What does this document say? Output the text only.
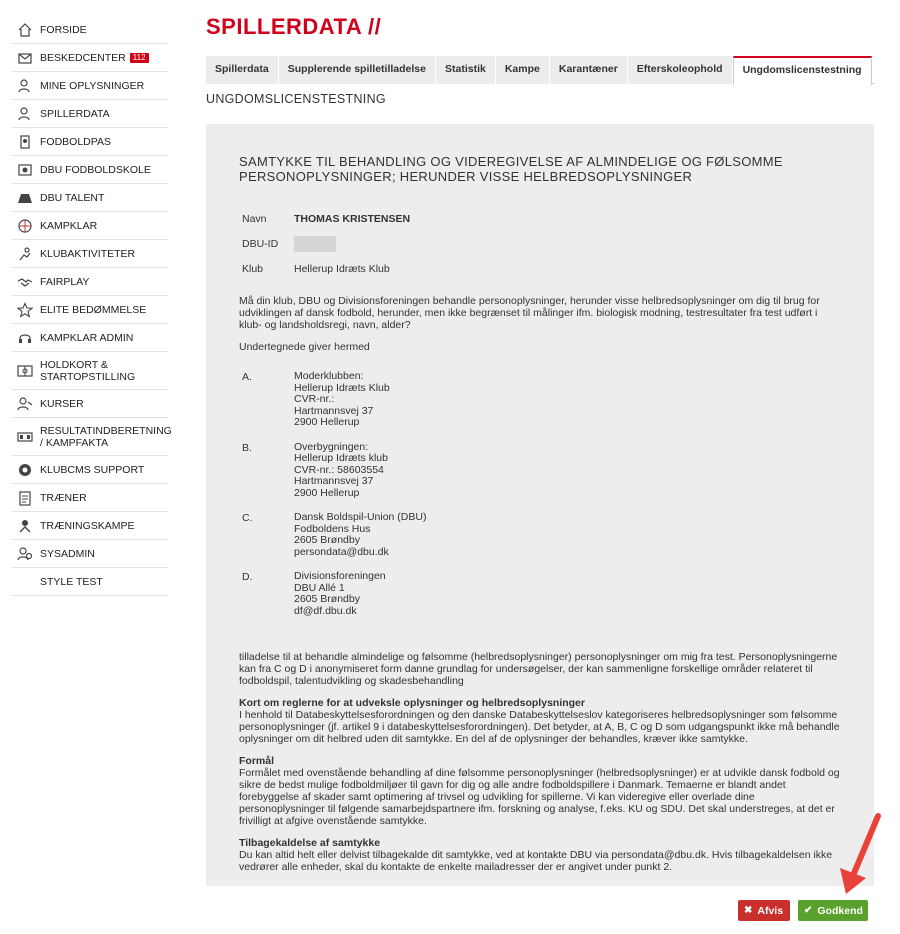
FORSIDE
BESKEDCENTER 112
MINE OPLYSNINGER
SPILLERDATA
FODBOLDPAS
DBU FODBOLDSKOLE
DBU TALENT
KAMPKLAR
KLUBAKTIVITETER
FAIRPLAY
ELITE BEDØMMELSE
KAMPKLAR ADMIN
HOLDKORT & STARTOPSTILLING
KURSER
RESULTATINDBERETNING / KAMPFAKTA
KLUBCMS SUPPORT
TRÆNER
TRÆNINGSKAMPE
SYSADMIN
STYLE TEST
SPILLERDATA //
Spillerdata	Supplerende spilletilladelse	Statistik	Kampe	Karantæner	Efterskoleophold	Ungdomslicenstestning
UNGDOMSLICENSTESTNING
SAMTYKKE TIL BEHANDLING OG VIDEREGIVELSE AF ALMINDELIGE OG FØLSOMME PERSONOPLYSNINGER; HERUNDER VISSE HELBREDSOPLYSNINGER
Navn	THOMAS KRISTENSEN
DBU-ID
Klub	Hellerup Idræts Klub

Må din klub, DBU og Divisionsforeningen behandle personoplysninger, herunder visse helbredsoplysninger om dig til brug for udviklingen af dansk fodbold, herunder, men ikke begrænset til målinger ifm. biologisk modning, testresultater fra test udført i klub- og landsholdsregi, navn, alder?

Undertegnede giver hermed

A.	Moderklubben:
Hellerup Idræts Klub
CVR-nr.:
Hartmannsvej 37
2900 Hellerup
B.	Overbygningen:
Hellerup Idræts klub
CVR-nr.: 58603554
Hartmannsvej 37
2900 Hellerup
C.	Dansk Boldspil-Union (DBU)
Fodboldens Hus
2605 Brøndby
persondata@dbu.dk
D.	Divisionsforeningen
DBU Allé 1
2605 Brøndby
df@df.dbu.dk
tilladelse til at behandle almindelige og følsomme (helbredsoplysninger) personoplysninger om mig fra test. Personoplysningerne kan fra C og D i anonymiseret form danne grundlag for undersøgelser, der kan sammenligne forskellige områder relateret til fodboldspil, talentudvikling og skadesbehandling
Kort om reglerne for at udveksle oplysninger og helbredsoplysninger
I henhold til Databeskyttelsesforordningen og den danske Databeskyttelseslov kategoriseres helbredsoplysninger som følsomme personoplysninger (jf. artikel 9 i databeskyttelsesforordningen). Det betyder, at A, B, C og D som udgangspunkt ikke må behandle oplysninger om dit helbred uden dit samtykke. En del af de oplysninger der behandles, kræver ikke samtykke.
Formål
Formålet med ovenstående behandling af dine følsomme personoplysninger (helbredsoplysninger) er at udvikle dansk fodbold og sikre de bedst mulige fodboldmiljøer til gavn for dig og alle andre fodboldspillere i Danmark. Temaerne er blandt andet forebyggelse af skader samt optimering af trivsel og udvikling for spillerne. Vi kan videregive eller overlade dine personoplysninger til følgende samarbejdspartnere ifm. forskning og analyse, f.eks. KU og SDU. Det skal understreges, at det er frivilligt at afgive ovenstående samtykke.
Tilbagekaldelse af samtykke
Du kan altid helt eller delvist tilbagekalde dit samtykke, ved at kontakte DBU via persondata@dbu.dk. Hvis tilbagekaldelsen ikke vedrører alle enheder, skal du kontakte de enkelte mailadresser der er angivet under punkt 2.
✖ Afvis ✔ Godkend
